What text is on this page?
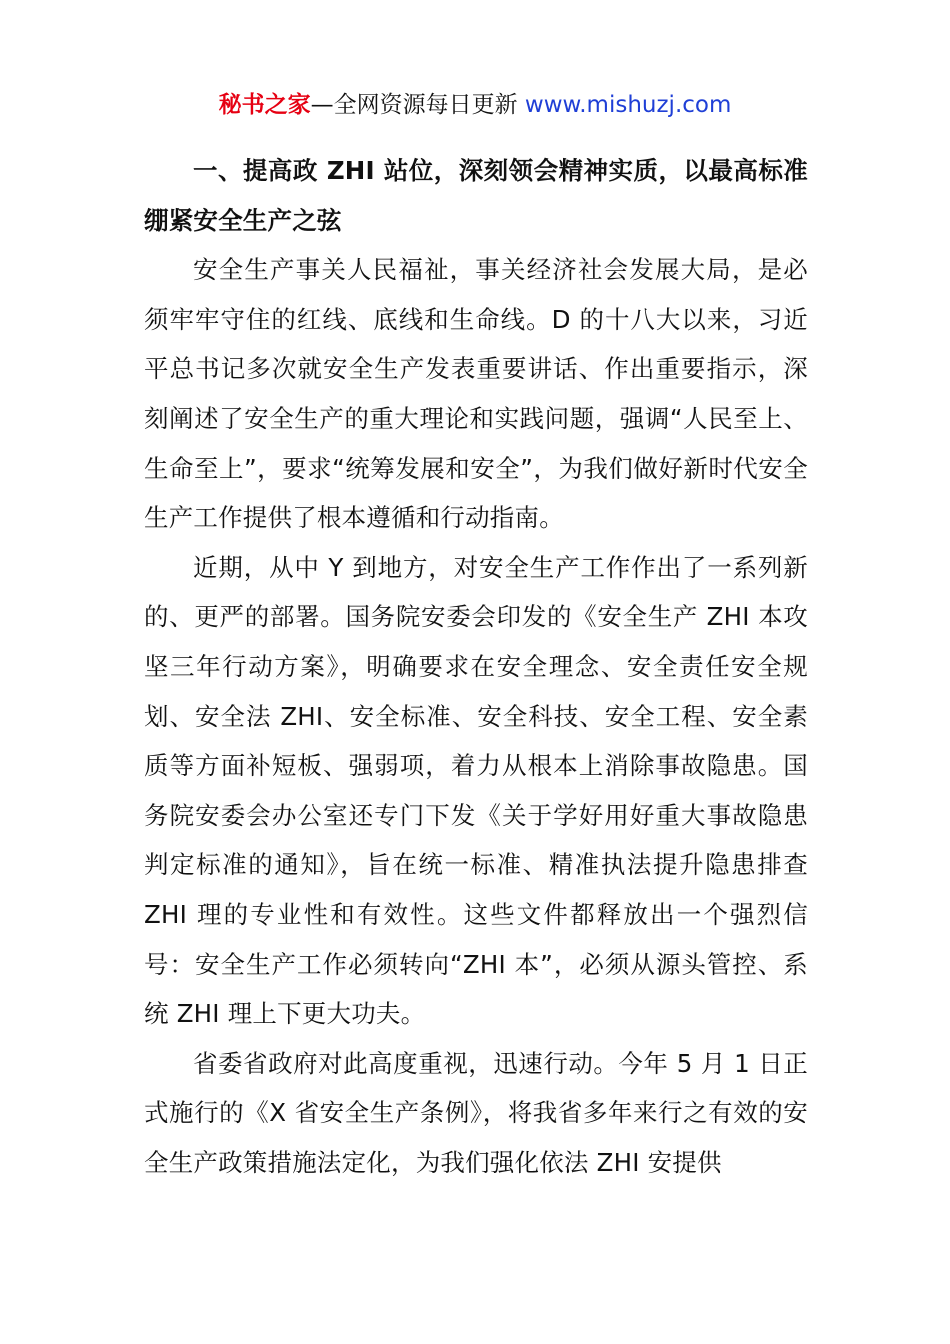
秘书之家—全网资源每日更新 www.mishuzj.com
一、提高政 ZHI 站位，深刻领会精神实质，以最高标准绷紧安全生产之弦

安全生产事关人民福祉，事关经济社会发展大局，是必须牢牢守住的红线、底线和生命线。D 的十八大以来，习近平总书记多次就安全生产发表重要讲话、作出重要指示，深刻阐述了安全生产的重大理论和实践问题，强调“人民至上、生命至上”，要求“统筹发展和安全”，为我们做好新时代安全生产工作提供了根本遵循和行动指南。

近期，从中 Y 到地方，对安全生产工作作出了一系列新的、更严的部署。国务院安委会印发的《安全生产 ZHI 本攻坚三年行动方案》，明确要求在安全理念、安全责任安全规划、安全法 ZHI、安全标准、安全科技、安全工程、安全素质等方面补短板、强弱项，着力从根本上消除事故隐患。国务院安委会办公室还专门下发《关于学好用好重大事故隐患判定标准的通知》，旨在统一标准、精准执法提升隐患排查 ZHI 理的专业性和有效性。这些文件都释放出一个强烈信号：安全生产工作必须转向“ZHI 本”，必须从源头管控、系统 ZHI 理上下更大功夫。

省委省政府对此高度重视，迅速行动。今年 5 月 1 日正式施行的《X 省安全生产条例》，将我省多年来行之有效的安全生产政策措施法定化，为我们强化依法 ZHI 安提供
